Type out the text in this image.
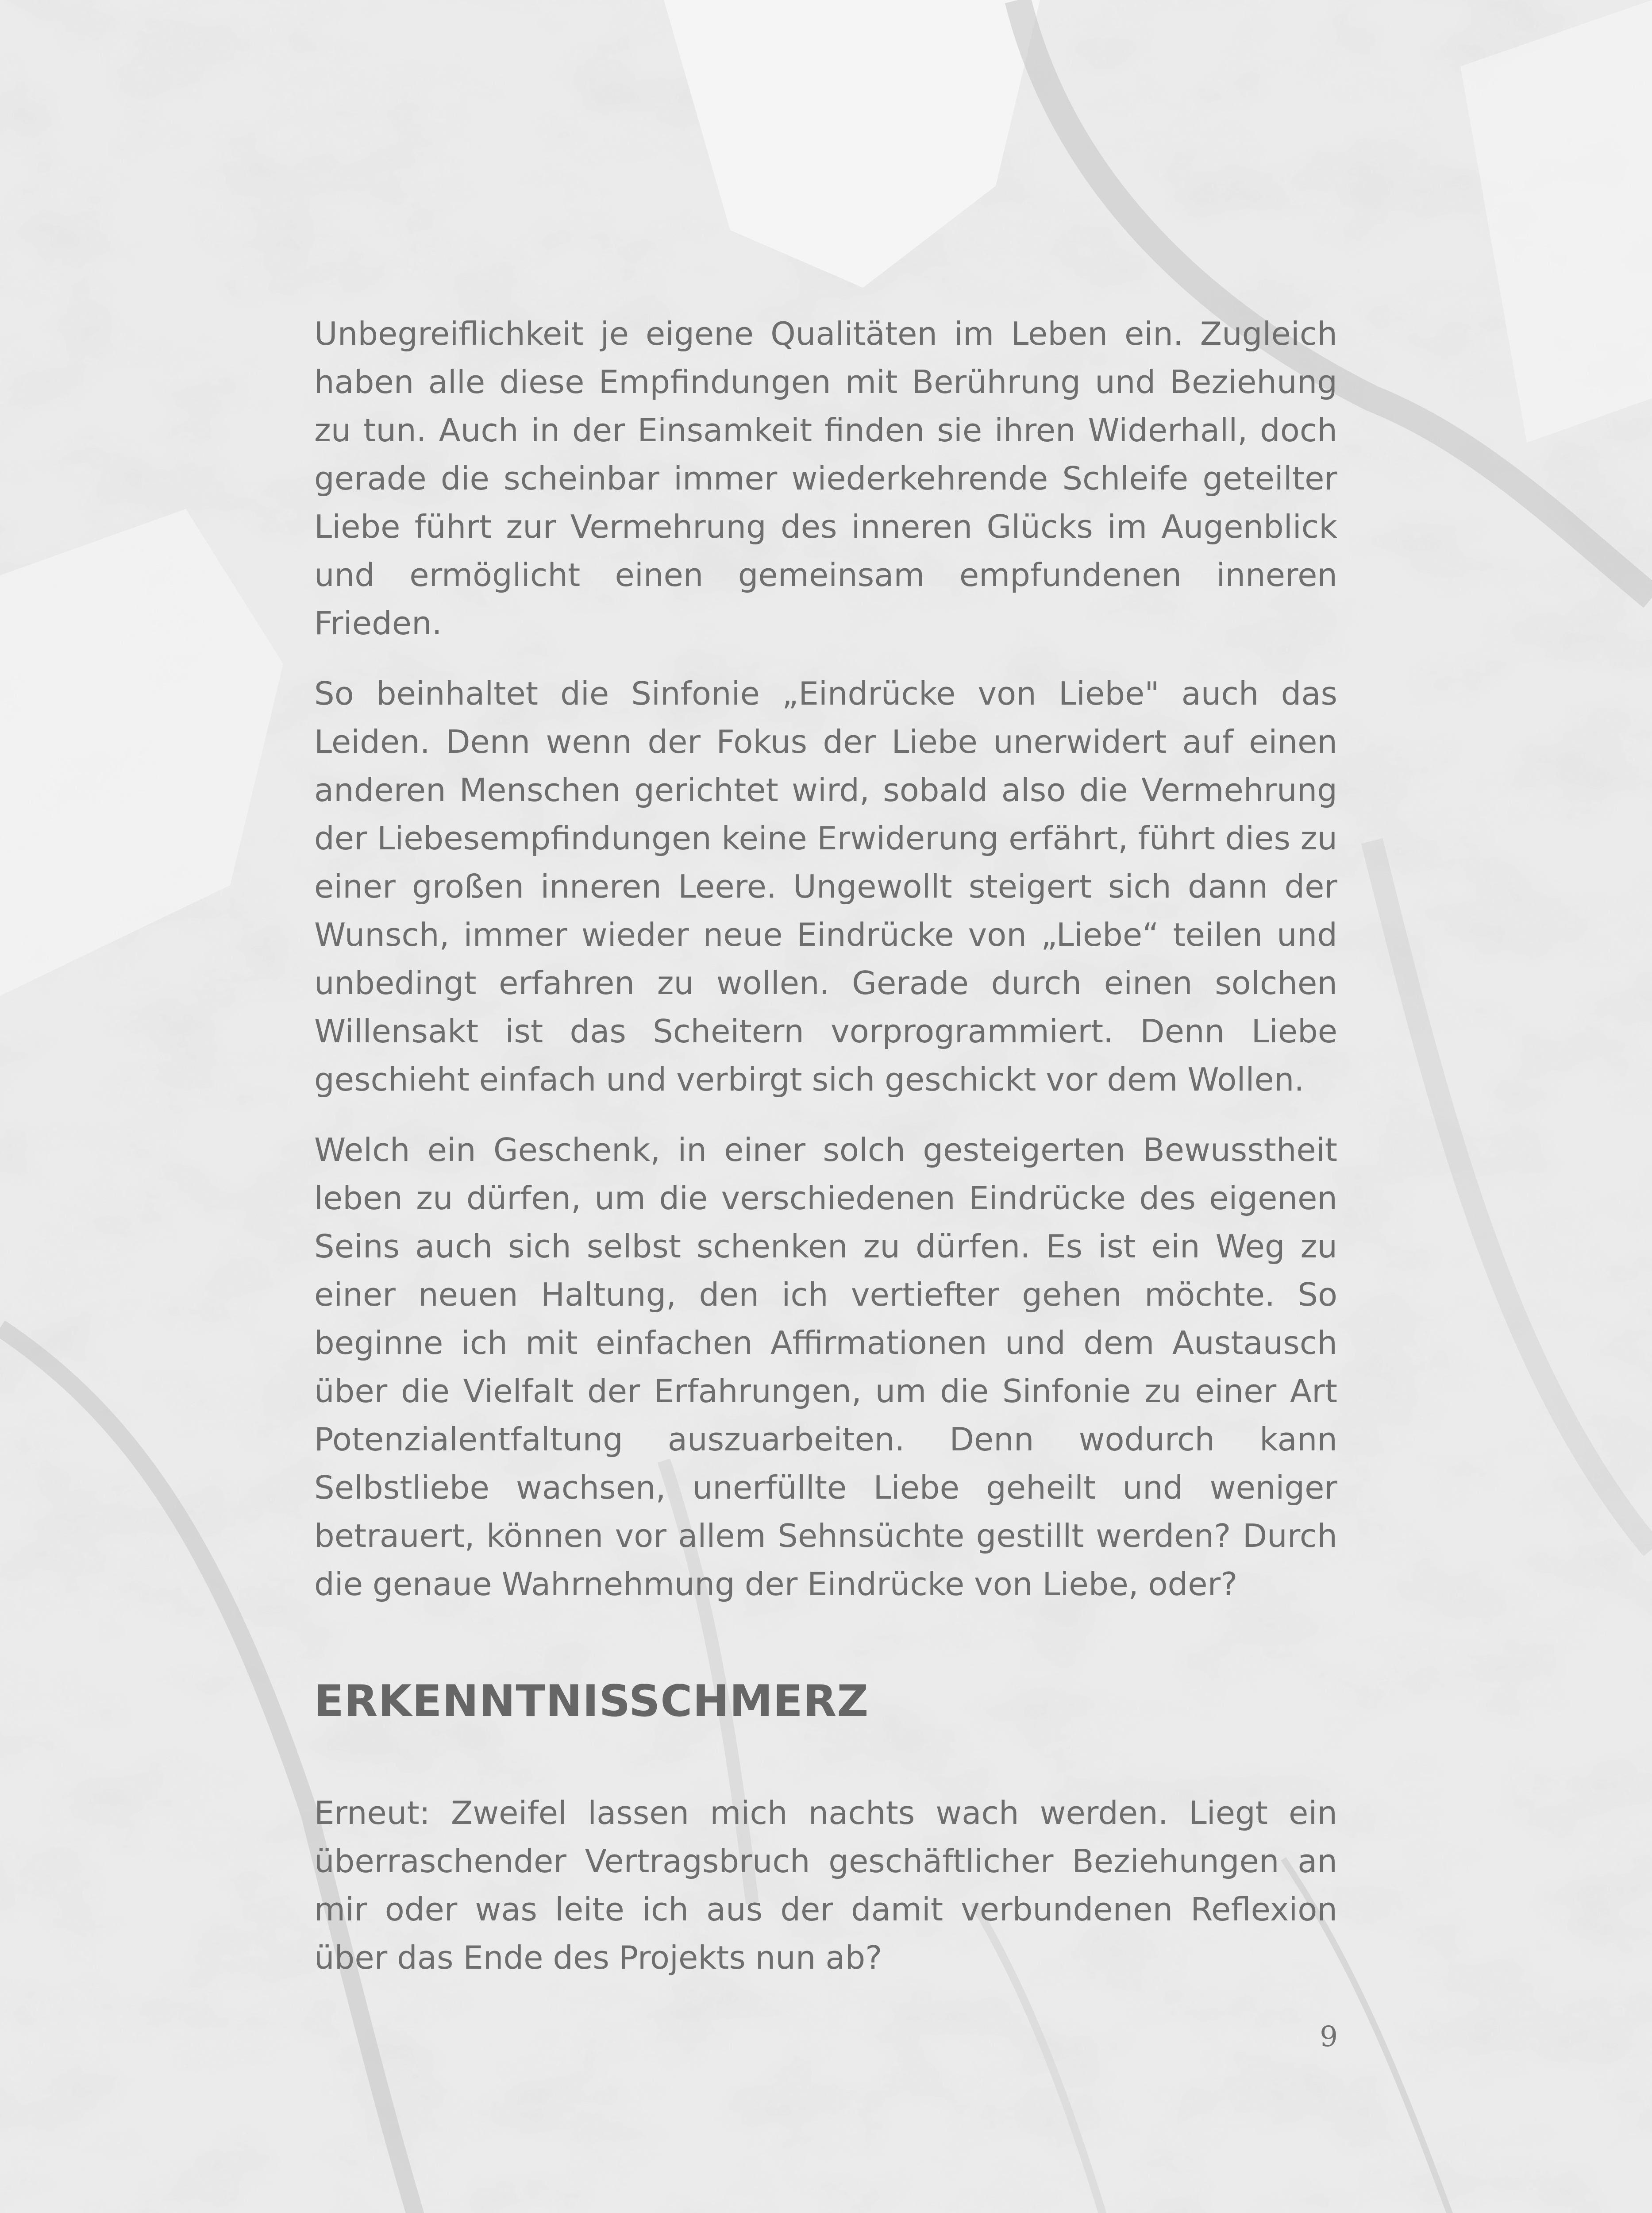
Unbegreiflichkeit je eigene Qualitäten im Leben ein. Zugleich haben alle diese Empfindungen mit Berührung und Beziehung zu tun. Auch in der Einsamkeit finden sie ihren Widerhall, doch gerade die scheinbar immer wiederkehrende Schleife geteilter Liebe führt zur Vermehrung des inneren Glücks im Augenblick und ermöglicht einen gemeinsam empfundenen inneren Frieden.

So beinhaltet die Sinfonie „Eindrücke von Liebe" auch das Leiden. Denn wenn der Fokus der Liebe unerwidert auf einen anderen Menschen gerichtet wird, sobald also die Vermehrung der Liebesempfindungen keine Erwiderung erfährt, führt dies zu einer großen inneren Leere. Ungewollt steigert sich dann der Wunsch, immer wieder neue Eindrücke von „Liebe“ teilen und unbedingt erfahren zu wollen. Gerade durch einen solchen Willensakt ist das Scheitern vorprogrammiert. Denn Liebe geschieht einfach und verbirgt sich geschickt vor dem Wollen.

Welch ein Geschenk, in einer solch gesteigerten Bewusstheit leben zu dürfen, um die verschiedenen Eindrücke des eigenen Seins auch sich selbst schenken zu dürfen. Es ist ein Weg zu einer neuen Haltung, den ich vertiefter gehen möchte. So beginne ich mit einfachen Affirmationen und dem Austausch über die Vielfalt der Erfahrungen, um die Sinfonie zu einer Art Potenzialentfaltung auszuarbeiten. Denn wodurch kann Selbstliebe wachsen, unerfüllte Liebe geheilt und weniger betrauert, können vor allem Sehnsüchte gestillt werden? Durch die genaue Wahrnehmung der Eindrücke von Liebe, oder?

ERKENNTNISSCHMERZ

Erneut: Zweifel lassen mich nachts wach werden. Liegt ein überraschender Vertragsbruch geschäftlicher Beziehungen an mir oder was leite ich aus der damit verbundenen Reflexion über das Ende des Projekts nun ab?

9
